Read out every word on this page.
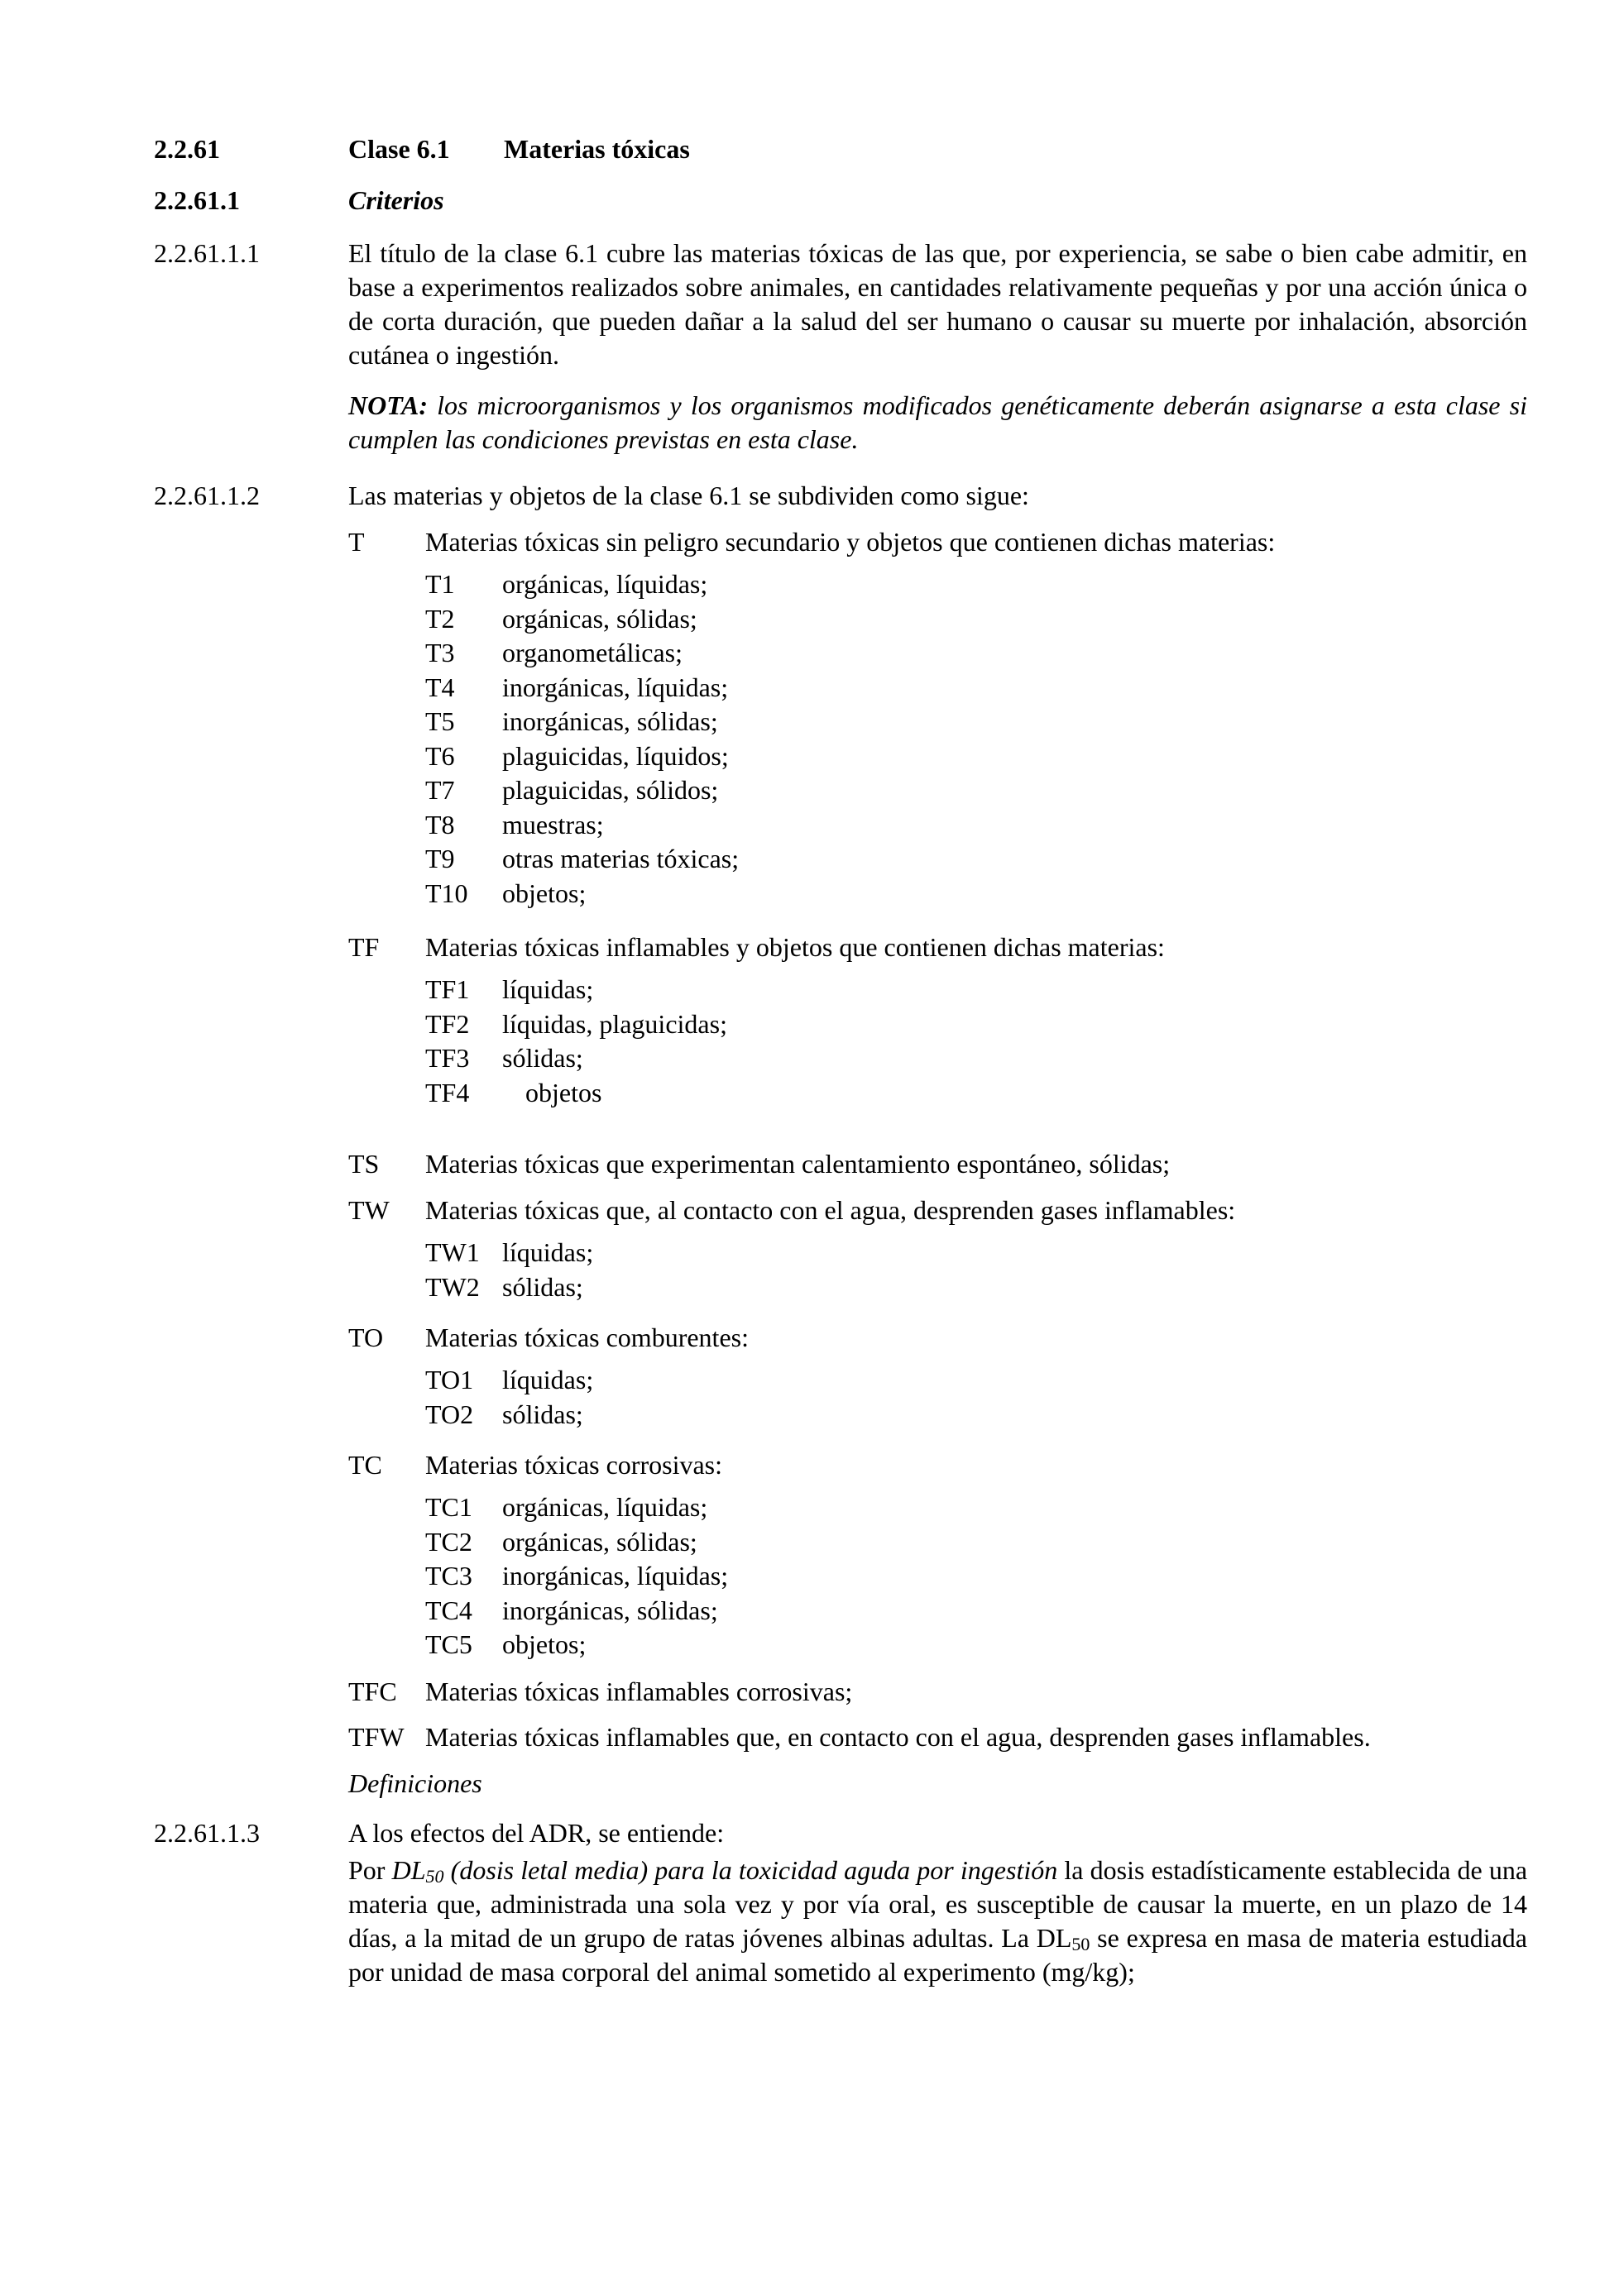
2.2.61	Clase 6.1 Materias tóxicas
2.2.61.1	Criterios
2.2.61.1.1	El título de la clase 6.1 cubre las materias tóxicas de las que, por experiencia, se sabe o bien cabe admitir, en base a experimentos realizados sobre animales, en cantidades relativamente pequeñas y por una acción única o de corta duración, que pueden dañar a la salud del ser humano o causar su muerte por inhalación, absorción cutánea o ingestión.
NOTA: los microorganismos y los organismos modificados genéticamente deberán asignarse a esta clase si cumplen las condiciones previstas en esta clase.
2.2.61.1.2	Las materias y objetos de la clase 6.1 se subdividen como sigue:
T Materias tóxicas sin peligro secundario y objetos que contienen dichas materias:
T1 orgánicas, líquidas;
T2 orgánicas, sólidas;
T3 organometálicas;
T4 inorgánicas, líquidas;
T5 inorgánicas, sólidas;
T6 plaguicidas, líquidos;
T7 plaguicidas, sólidos;
T8 muestras;
T9 otras materias tóxicas;
T10 objetos;
TF Materias tóxicas inflamables y objetos que contienen dichas materias:
TF1 líquidas;
TF2 líquidas, plaguicidas;
TF3 sólidas;
TF4 objetos
TS Materias tóxicas que experimentan calentamiento espontáneo, sólidas;
TW Materias tóxicas que, al contacto con el agua, desprenden gases inflamables:
TW1 líquidas;
TW2 sólidas;
TO Materias tóxicas comburentes:
TO1 líquidas;
TO2 sólidas;
TC Materias tóxicas corrosivas:
TC1 orgánicas, líquidas;
TC2 orgánicas, sólidas;
TC3 inorgánicas, líquidas;
TC4 inorgánicas, sólidas;
TC5 objetos;
TFC Materias tóxicas inflamables corrosivas;
TFW Materias tóxicas inflamables que, en contacto con el agua, desprenden gases inflamables.
Definiciones
2.2.61.1.3	A los efectos del ADR, se entiende:
Por DL50 (dosis letal media) para la toxicidad aguda por ingestión la dosis estadísticamente establecida de una materia que, administrada una sola vez y por vía oral, es susceptible de causar la muerte, en un plazo de 14 días, a la mitad de un grupo de ratas jóvenes albinas adultas. La DL50 se expresa en masa de materia estudiada por unidad de masa corporal del animal sometido al experimento (mg/kg);
